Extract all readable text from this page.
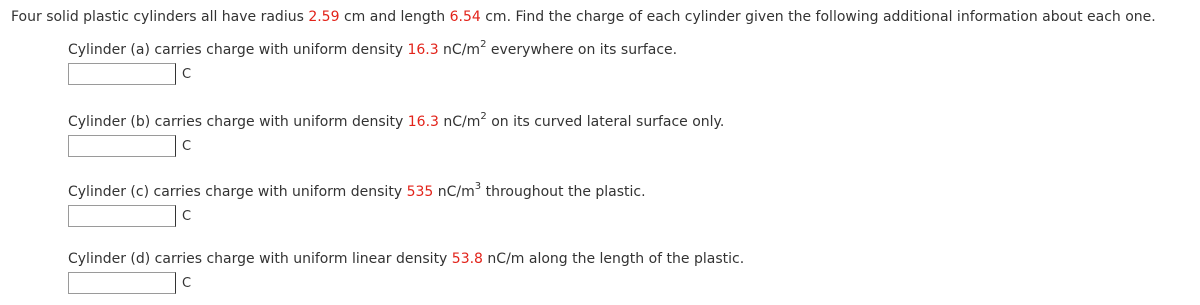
Four solid plastic cylinders all have radius 2.59 cm and length 6.54 cm. Find the charge of each cylinder given the following additional information about each one.
Cylinder (a) carries charge with uniform density 16.3 $nC/m^2$ everywhere on its surface.
C
Cylinder (b) carries charge with uniform density 16.3 $nC/m^2$ on its curved lateral surface only.
C
Cylinder (c) carries charge with uniform density 535 $nC/m^3$ throughout the plastic.
C
Cylinder (d) carries charge with uniform linear density 53.8 nC/m along the length of the plastic.
C
